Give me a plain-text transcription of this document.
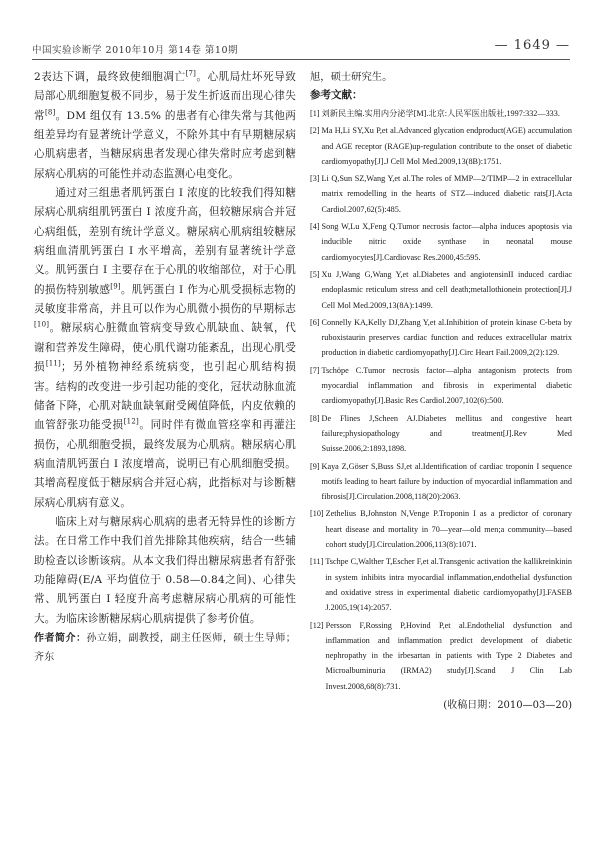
中国实验诊断学 2010年10月 第14卷 第10期	— 1649 —

2表达下调，最终致使细胞凋亡[7]。心肌局灶坏死导致局部心肌细胞复极不同步，易于发生折返而出现心律失常[8]。DM 组仅有 13.5% 的患者有心律失常与其他两组差异均有显著统计学意义，不除外其中有早期糖尿病心肌病患者，当糖尿病患者发现心律失常时应考虑到糖尿病心肌病的可能性并动态监测心电变化。

通过对三组患者肌钙蛋白 I 浓度的比较我们得知糖尿病心肌病组肌钙蛋白 I 浓度升高，但较糖尿病合并冠心病组低，差别有统计学意义。糖尿病心肌病组较糖尿病组血清肌钙蛋白 I 水平增高，差别有显著统计学意义。肌钙蛋白 I 主要存在于心肌的收缩部位，对于心肌的损伤特别敏感[9]。肌钙蛋白 I 作为心肌受损标志物的灵敏度非常高，并且可以作为心肌微小损伤的早期标志[10]。糖尿病心脏微血管病变导致心肌缺血、缺氧，代谢和营养发生障碍，使心肌代谢功能紊乱，出现心肌受损[11]；另外植物神经系统病变，也引起心肌结构损害。结构的改变进一步引起功能的变化，冠状动脉血流储备下降，心肌对缺血缺氧耐受阈值降低，内皮依赖的血管舒张功能受损[12]。同时伴有微血管痉挛和再灌注损伤，心肌细胞受损，最终发展为心肌病。糖尿病心肌病血清肌钙蛋白 I 浓度增高，说明已有心肌细胞受损。其增高程度低于糖尿病合并冠心病，此指标对与诊断糖尿病心肌病有意义。

临床上对与糖尿病心肌病的患者无特异性的诊断方法。在日常工作中我们首先排除其他疾病，结合一些辅助检查以诊断该病。从本文我们得出糖尿病患者有舒张功能障碍(E/A 平均值位于 0.58—0.84之间)、心律失常、肌钙蛋白 I 轻度升高考虑糖尿病心肌病的可能性大。为临床诊断糖尿病心肌病提供了参考价值。

作者简介：孙立娟，副教授，副主任医师，硕士生导师；齐东

旭，硕士研究生。

参考文献：

[1] 刘新民主编.实用内分泌学[M].北京:人民军医出版社,1997:332—333.
[2] Ma H,Li SY,Xu P,et al.Advanced glycation endproduct(AGE) accumulation and AGE receptor (RAGE)up-regulation contribute to the onset of diabetic cardiomyopathy[J].J Cell Mol Med.2009,13(8B):1751.
[3] Li Q,Sun SZ,Wang Y,et al.The roles of MMP—2/TIMP—2 in extracellular matrix remodelling in the hearts of STZ—induced diabetic rats[J].Acta Cardiol.2007,62(5):485.
[4] Song W,Lu X,Feng Q.Tumor necrosis factor—alpha induces apoptosis via inducible nitric oxide synthase in neonatal mouse cardiomyocytes[J].Cardiovasc Res.2000,45:595.
[5] Xu J,Wang G,Wang Y,et al.Diabetes and angiotensinII induced cardiac endoplasmic reticulum stress and cell death;metallothionein protection[J].J Cell Mol Med.2009,13(8A):1499.
[6] Connelly KA,Kelly DJ,Zhang Y,et al.Inhibition of protein kinase C-beta by ruboxistaurin preserves cardiac function and reduces extracellular matrix production in diabetic cardiomyopathy[J].Circ Heart Fail.2009,2(2):129.
[7] Tschöpe C.Tumor necrosis factor—alpha antagonism protects from myocardial inflammation and fibrosis in experimental diabetic cardiomyopathy[J].Basic Res Cardiol.2007,102(6):500.
[8] De Flines J,Scheen AJ.Diabetes mellitus and congestive heart failure;physiopathology and treatment[J].Rev Med Suisse.2006,2:1893,1898.
[9] Kaya Z,Göser S,Buss SJ,et al.Identification of cardiac troponin I sequence motifs leading to heart failure by induction of myocardial inflammation and fibrosis[J].Circulation.2008,118(20):2063.
[10] Zethelius B,Johnston N,Venge P.Troponin I as a predictor of coronary heart disease and mortality in 70—year—old men;a community—based cohort study[J].Circulation.2006,113(8):1071.
[11] Tschpe C,Walther T,Escher F,et al.Transgenic activation the kallikreinkinin in system inhibits intra myocardial inflammation,endothelial dysfunction and oxidative stress in experimental diabetic cardiomyopathy[J].FASEB J.2005,19(14):2057.
[12] Persson F,Rossing P,Hovind P,et al.Endothelial dysfunction and inflammation and inflammation predict development of diabetic nephropathy in the irbesartan in patients with Type 2 Diabetes and Microalbuminuria (IRMA2) study[J].Scand J Clin Lab Invest.2008,68(8):731.

(收稿日期：2010—03—20)
